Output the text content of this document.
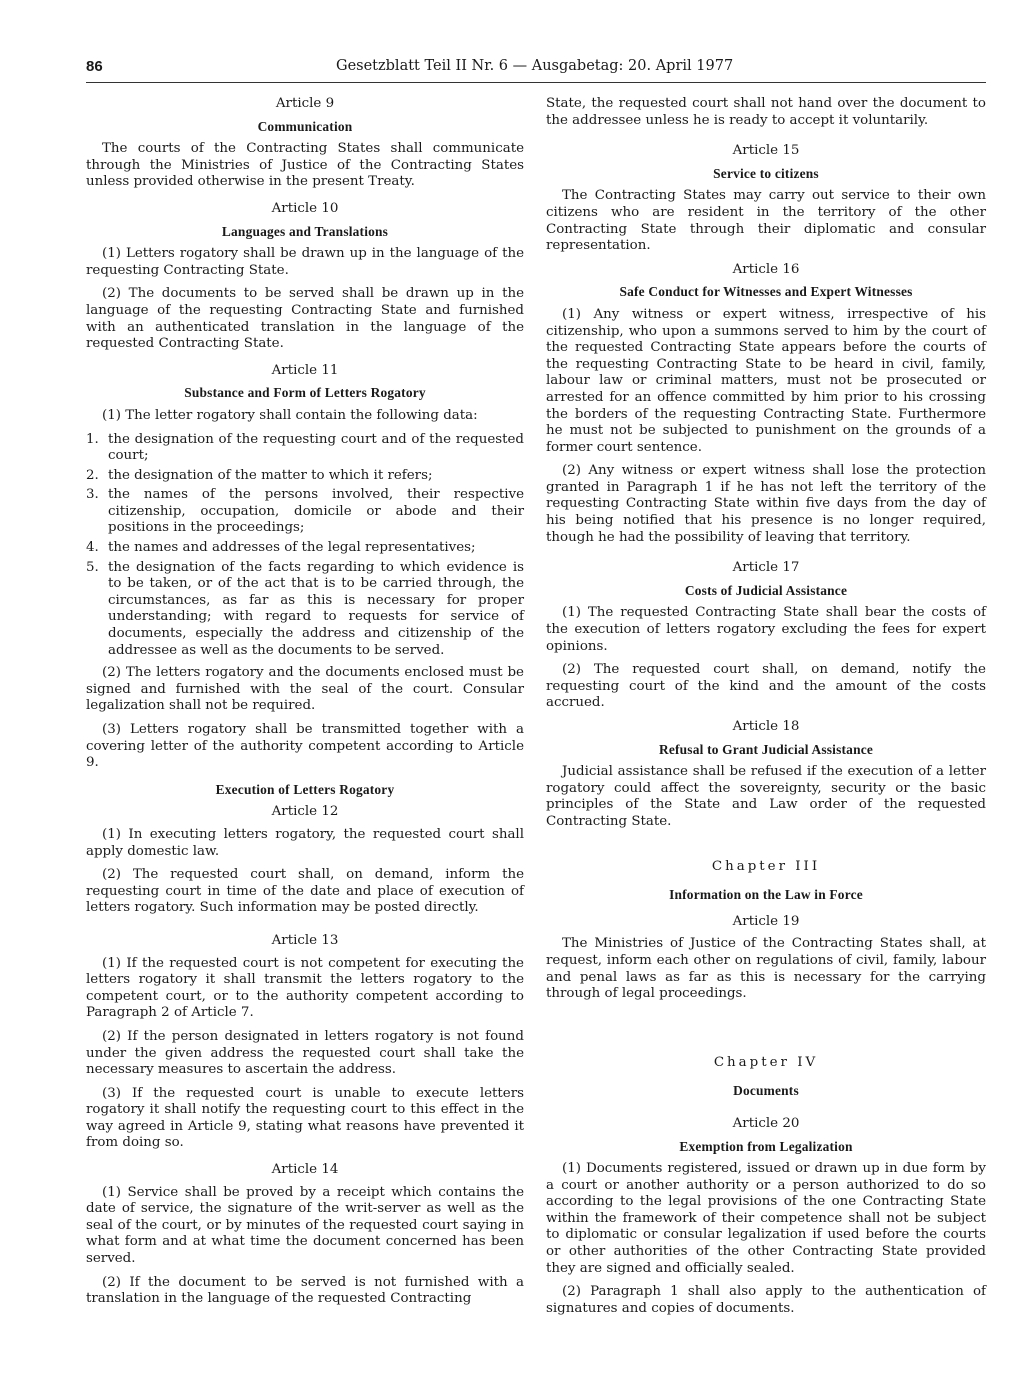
86	Gesetzblatt Teil II Nr. 6 — Ausgabetag: 20. April 1977
Article 9
Communication

The courts of the Contracting States shall communicate through the Ministries of Justice of the Contracting States unless provided otherwise in the present Treaty.

Article 10
Languages and Translations

(1) Letters rogatory shall be drawn up in the language of the requesting Contracting State.

(2) The documents to be served shall be drawn up in the language of the requesting Contracting State and furnished with an authenticated translation in the language of the requested Contracting State.

Article 11
Substance and Form of Letters Rogatory

(1) The letter rogatory shall contain the following data:

1. the designation of the requesting court and of the requested court;
2. the designation of the matter to which it refers;
3. the names of the persons involved, their respective citizenship, occupation, domicile or abode and their positions in the proceedings;
4. the names and addresses of the legal representatives;
5. the designation of the facts regarding to which evidence is to be taken, or of the act that is to be carried through, the circumstances, as far as this is necessary for proper understanding; with regard to requests for service of documents, especially the address and citizenship of the addressee as well as the documents to be served.

(2) The letters rogatory and the documents enclosed must be signed and furnished with the seal of the court. Consular legalization shall not be required.

(3) Letters rogatory shall be transmitted together with a covering letter of the authority competent according to Article 9.

Execution of Letters Rogatory
Article 12

(1) In executing letters rogatory, the requested court shall apply domestic law.

(2) The requested court shall, on demand, inform the requesting court in time of the date and place of execution of letters rogatory. Such information may be posted directly.

Article 13

(1) If the requested court is not competent for executing the letters rogatory it shall transmit the letters rogatory to the competent court, or to the authority competent according to Paragraph 2 of Article 7.

(2) If the person designated in letters rogatory is not found under the given address the requested court shall take the necessary measures to ascertain the address.

(3) If the requested court is unable to execute letters rogatory it shall notify the requesting court to this effect in the way agreed in Article 9, stating what reasons have prevented it from doing so.

Article 14

(1) Service shall be proved by a receipt which contains the date of service, the signature of the writ-server as well as the seal of the court, or by minutes of the requested court saying in what form and at what time the document concerned has been served.

(2) If the document to be served is not furnished with a translation in the language of the requested Contracting

State, the requested court shall not hand over the document to the addressee unless he is ready to accept it voluntarily.

Article 15
Service to citizens

The Contracting States may carry out service to their own citizens who are resident in the territory of the other Contracting State through their diplomatic and consular representation.

Article 16
Safe Conduct for Witnesses and Expert Witnesses

(1) Any witness or expert witness, irrespective of his citizenship, who upon a summons served to him by the court of the requested Contracting State appears before the courts of the requesting Contracting State to be heard in civil, family, labour law or criminal matters, must not be prosecuted or arrested for an offence committed by him prior to his crossing the borders of the requesting Contracting State. Furthermore he must not be subjected to punishment on the grounds of a former court sentence.

(2) Any witness or expert witness shall lose the protection granted in Paragraph 1 if he has not left the territory of the requesting Contracting State within five days from the day of his being notified that his presence is no longer required, though he had the possibility of leaving that territory.

Article 17
Costs of Judicial Assistance

(1) The requested Contracting State shall bear the costs of the execution of letters rogatory excluding the fees for expert opinions.

(2) The requested court shall, on demand, notify the requesting court of the kind and the amount of the costs accrued.

Article 18
Refusal to Grant Judicial Assistance

Judicial assistance shall be refused if the execution of a letter rogatory could affect the sovereignty, security or the basic principles of the State and Law order of the requested Contracting State.

Chapter III
Information on the Law in Force
Article 19

The Ministries of Justice of the Contracting States shall, at request, inform each other on regulations of civil, family, labour and penal laws as far as this is necessary for the carrying through of legal proceedings.

Chapter IV
Documents
Article 20
Exemption from Legalization

(1) Documents registered, issued or drawn up in due form by a court or another authority or a person authorized to do so according to the legal provisions of the one Contracting State within the framework of their competence shall not be subject to diplomatic or consular legalization if used before the courts or other authorities of the other Contracting State provided they are signed and officially sealed.

(2) Paragraph 1 shall also apply to the authentication of signatures and copies of documents.
